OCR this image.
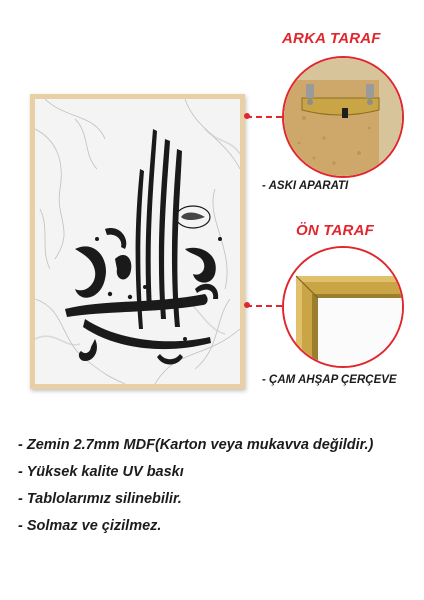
ARKA TARAF
- ASKI APARATI
ÖN TARAF
- ÇAM AHŞAP ÇERÇEVE
- Zemin 2.7mm MDF(Karton veya mukavva değildir.)
- Yüksek kalite UV baskı
- Tablolarımız silinebilir.
- Solmaz ve çizilmez.
